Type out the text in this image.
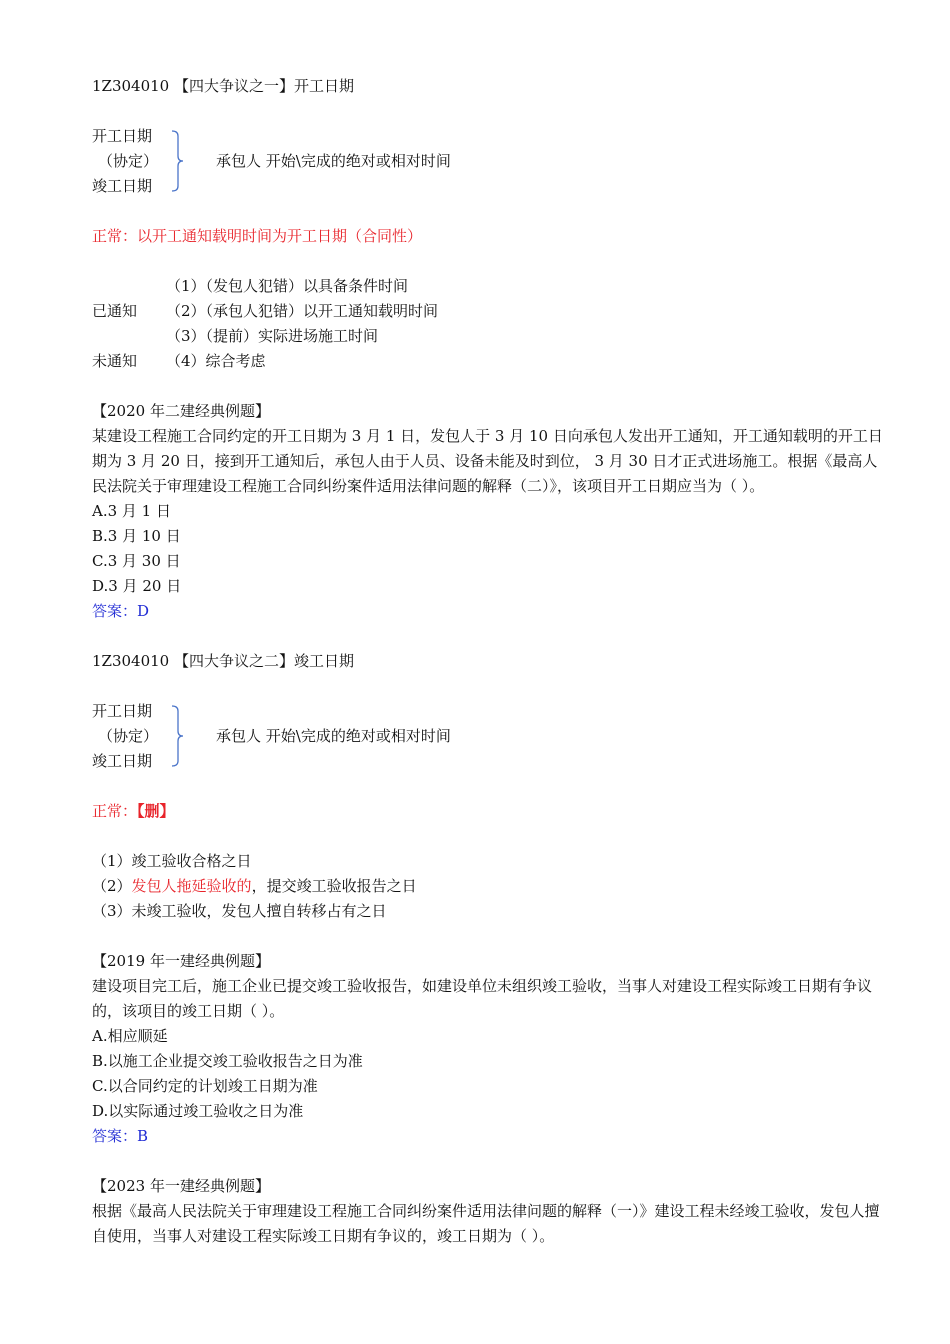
1Z304010 【四大争议之一】开工日期
开工日期
（协定）
竣工日期
承包人 开始\完成的绝对或相对时间
正常：以开工通知载明时间为开工日期（合同性）
已通知
未通知
（1）（发包人犯错）以具备条件时间
（2）（承包人犯错）以开工通知载明时间
（3）（提前）实际进场施工时间
（4）综合考虑
【2020 年二建经典例题】
某建设工程施工合同约定的开工日期为 3 月 1 日，发包人于 3 月 10 日向承包人发出开工通知，开工通知载明的开工日期为 3 月 20 日，接到开工通知后，承包人由于人员、设备未能及时到位， 3 月 30 日才正式进场施工。根据《最高人民法院关于审理建设工程施工合同纠纷案件适用法律问题的解释（二）》，该项目开工日期应当为（ ）。
A.3 月 1 日
B.3 月 10 日
C.3 月 30 日
D.3 月 20 日
答案：D
1Z304010 【四大争议之二】竣工日期
开工日期
（协定）
竣工日期
承包人 开始\完成的绝对或相对时间
正常：【删】
（1）竣工验收合格之日
（2）发包人拖延验收的，提交竣工验收报告之日
（3）未竣工验收，发包人擅自转移占有之日
【2019 年一建经典例题】
建设项目完工后，施工企业已提交竣工验收报告，如建设单位未组织竣工验收，当事人对建设工程实际竣工日期有争议的，该项目的竣工日期（ ）。
A.相应顺延
B.以施工企业提交竣工验收报告之日为准
C.以合同约定的计划竣工日期为准
D.以实际通过竣工验收之日为准
答案：B
【2023 年一建经典例题】
根据《最高人民法院关于审理建设工程施工合同纠纷案件适用法律问题的解释（一）》建设工程未经竣工验收，发包人擅自使用，当事人对建设工程实际竣工日期有争议的，竣工日期为（ ）。
